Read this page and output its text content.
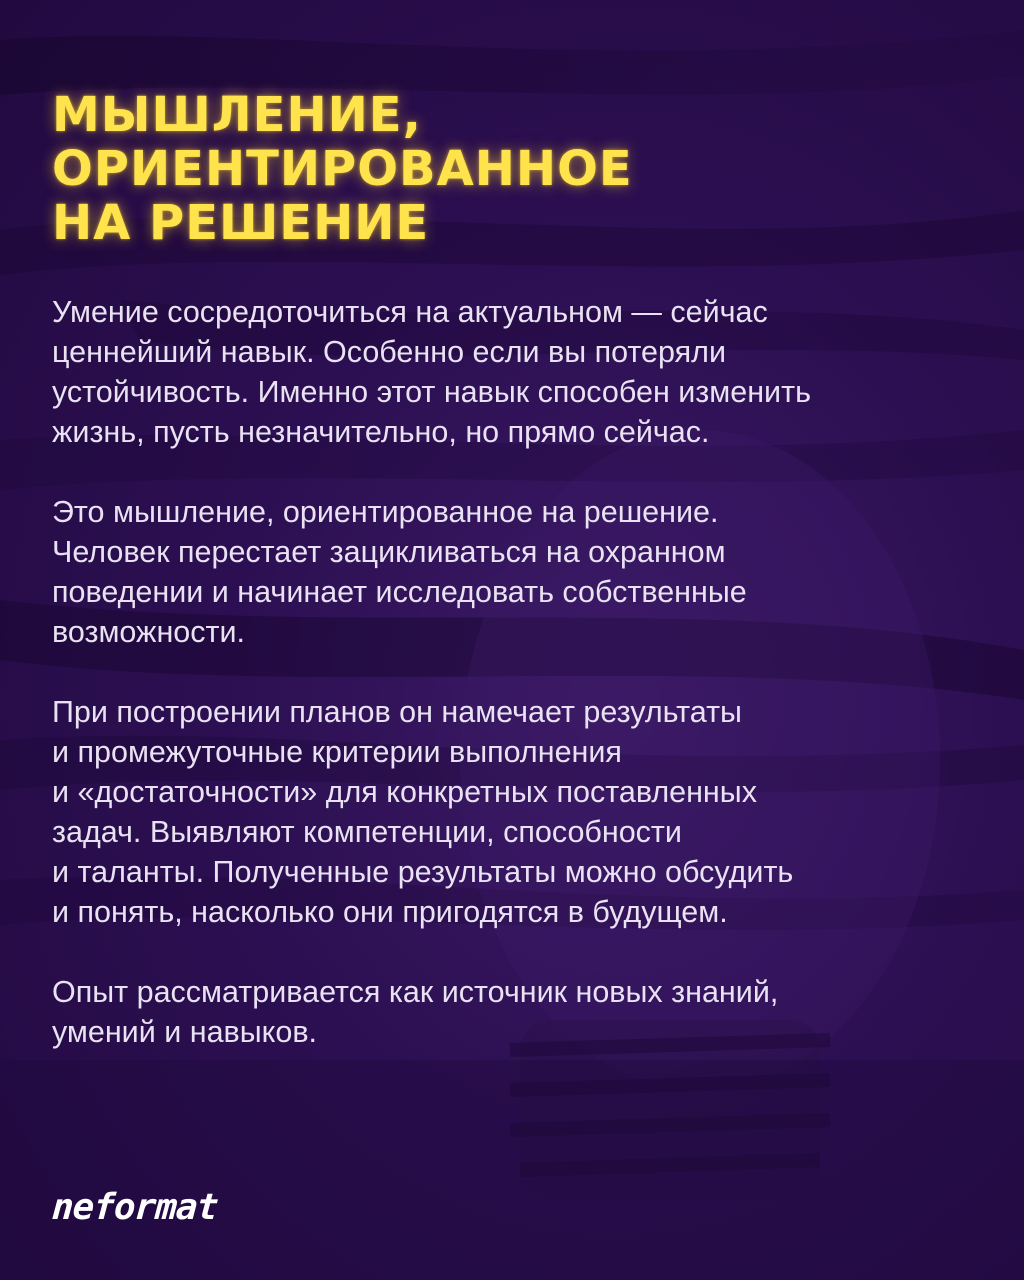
МЫШЛЕНИЕ,
ОРИЕНТИРОВАННОЕ
НА РЕШЕНИЕ

Умение сосредоточиться на актуальном — сейчас
ценнейший навык. Особенно если вы потеряли
устойчивость. Именно этот навык способен изменить
жизнь, пусть незначительно, но прямо сейчас.

Это мышление, ориентированное на решение.
Человек перестает зацикливаться на охранном
поведении и начинает исследовать собственные
возможности.

При построении планов он намечает результаты
и промежуточные критерии выполнения
и «достаточности» для конкретных поставленных
задач. Выявляют компетенции, способности
и таланты. Полученные результаты можно обсудить
и понять, насколько они пригодятся в будущем.

Опыт рассматривается как источник новых знаний,
умений и навыков.

neformat
